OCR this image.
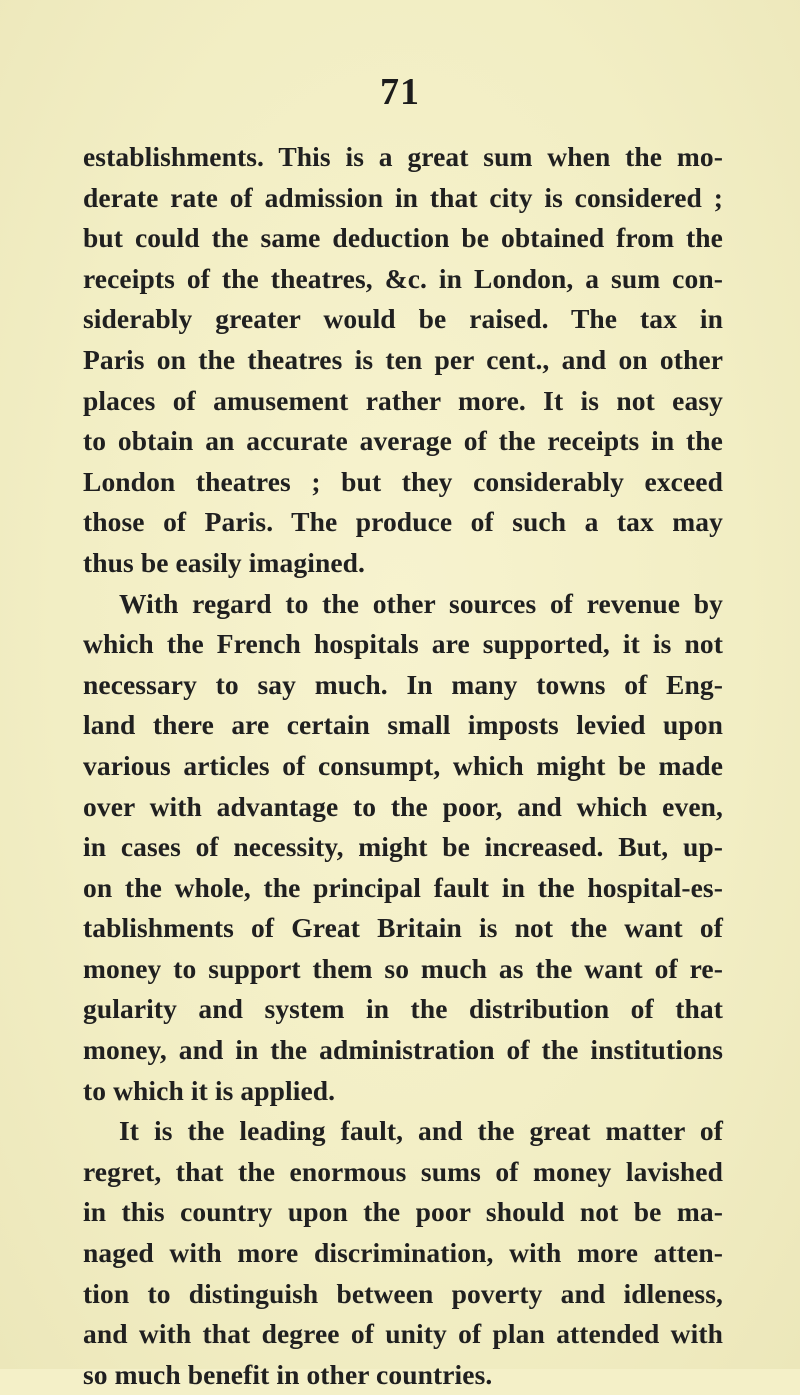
71
establishments. This is a great sum when the mo-
derate rate of admission in that city is considered ;
but could the same deduction be obtained from the
receipts of the theatres, &c. in London, a sum con-
siderably greater would be raised. The tax in
Paris on the theatres is ten per cent., and on other
places of amusement rather more. It is not easy
to obtain an accurate average of the receipts in the
London theatres ; but they considerably exceed
those of Paris. The produce of such a tax may
thus be easily imagined.
With regard to the other sources of revenue by
which the French hospitals are supported, it is not
necessary to say much. In many towns of Eng-
land there are certain small imposts levied upon
various articles of consumpt, which might be made
over with advantage to the poor, and which even,
in cases of necessity, might be increased. But, up-
on the whole, the principal fault in the hospital-es-
tablishments of Great Britain is not the want of
money to support them so much as the want of re-
gularity and system in the distribution of that
money, and in the administration of the institutions
to which it is applied.
It is the leading fault, and the great matter of
regret, that the enormous sums of money lavished
in this country upon the poor should not be ma-
naged with more discrimination, with more atten-
tion to distinguish between poverty and idleness,
and with that degree of unity of plan attended with
so much benefit in other countries.
